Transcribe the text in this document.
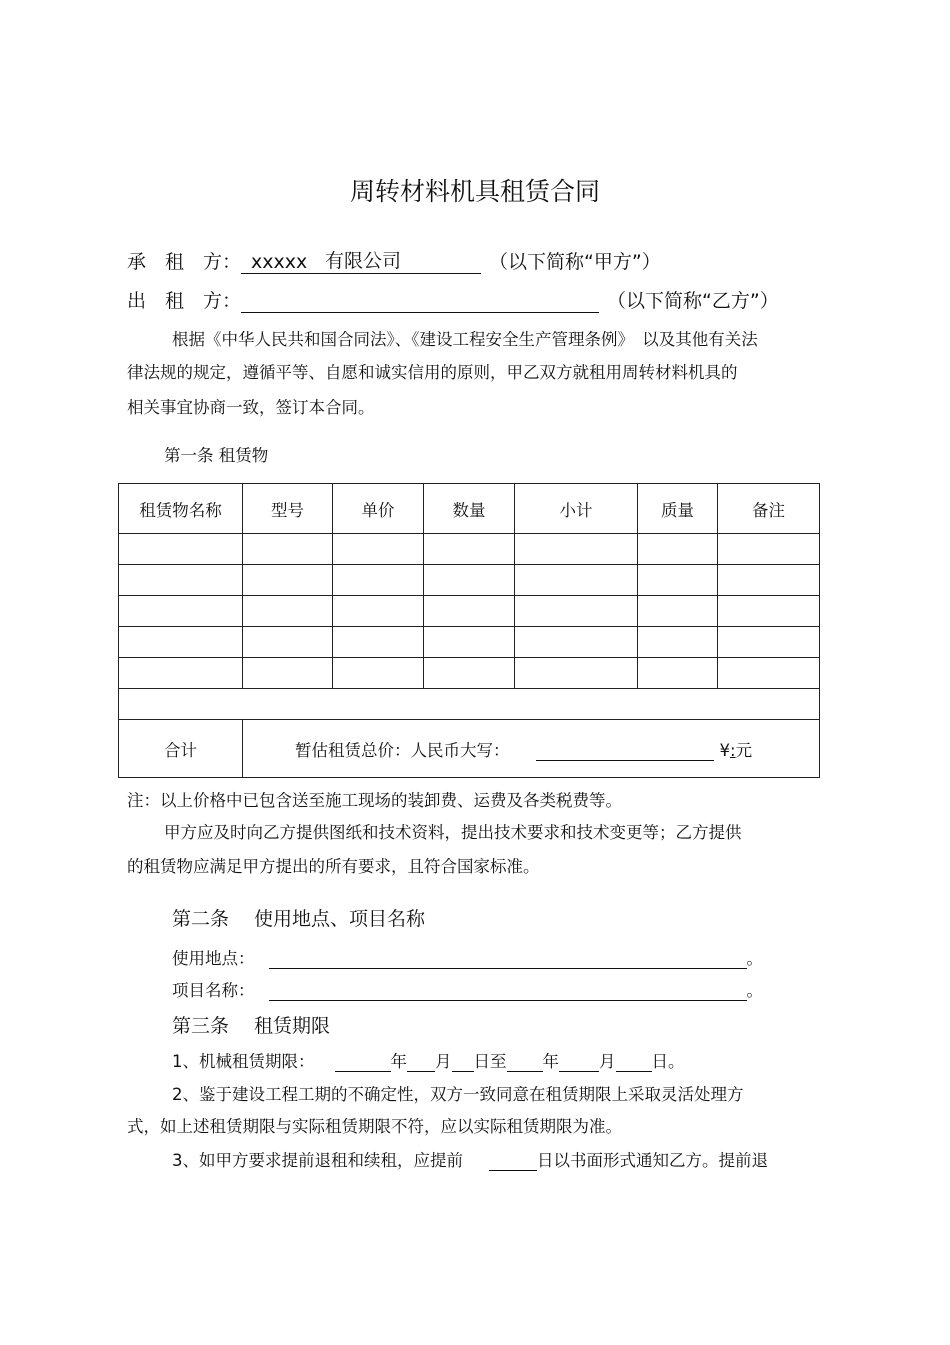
周转材料机具租赁合同
承　租　方： xxxxx 有限公司	（以下简称“甲方”）
出　租　方：	（以下简称“乙方”）
根据《中华人民共和国合同法》、《建设工程安全生产管理条例》　以及其他有关法
律法规的规定，遵循平等、自愿和诚实信用的原则，甲乙双方就租用周转材料机具的
相关事宜协商一致，签订本合同。
第一条 租赁物
租赁物名称	型号	单价	数量	小计	质量	备注

合计	暂估租赁总价：人民币大写： ¥:元					
注：以上价格中已包含送至施工现场的装卸费、运费及各类税费等。
甲方应及时向乙方提供图纸和技术资料，提出技术要求和技术变更等；乙方提供
的租赁物应满足甲方提出的所有要求，且符合国家标准。
第二条　 使用地点、项目名称
使用地点：	。
项目名称：	。
第三条　 租赁期限
1、机械租赁期限：	年 月 日至 年 月 日。
2、鉴于建设工程工期的不确定性，双方一致同意在租赁期限上采取灵活处理方
式，如上述租赁期限与实际租赁期限不符，应以实际租赁期限为准。
3、如甲方要求提前退租和续租，应提前	日以书面形式通知乙方。提前退
